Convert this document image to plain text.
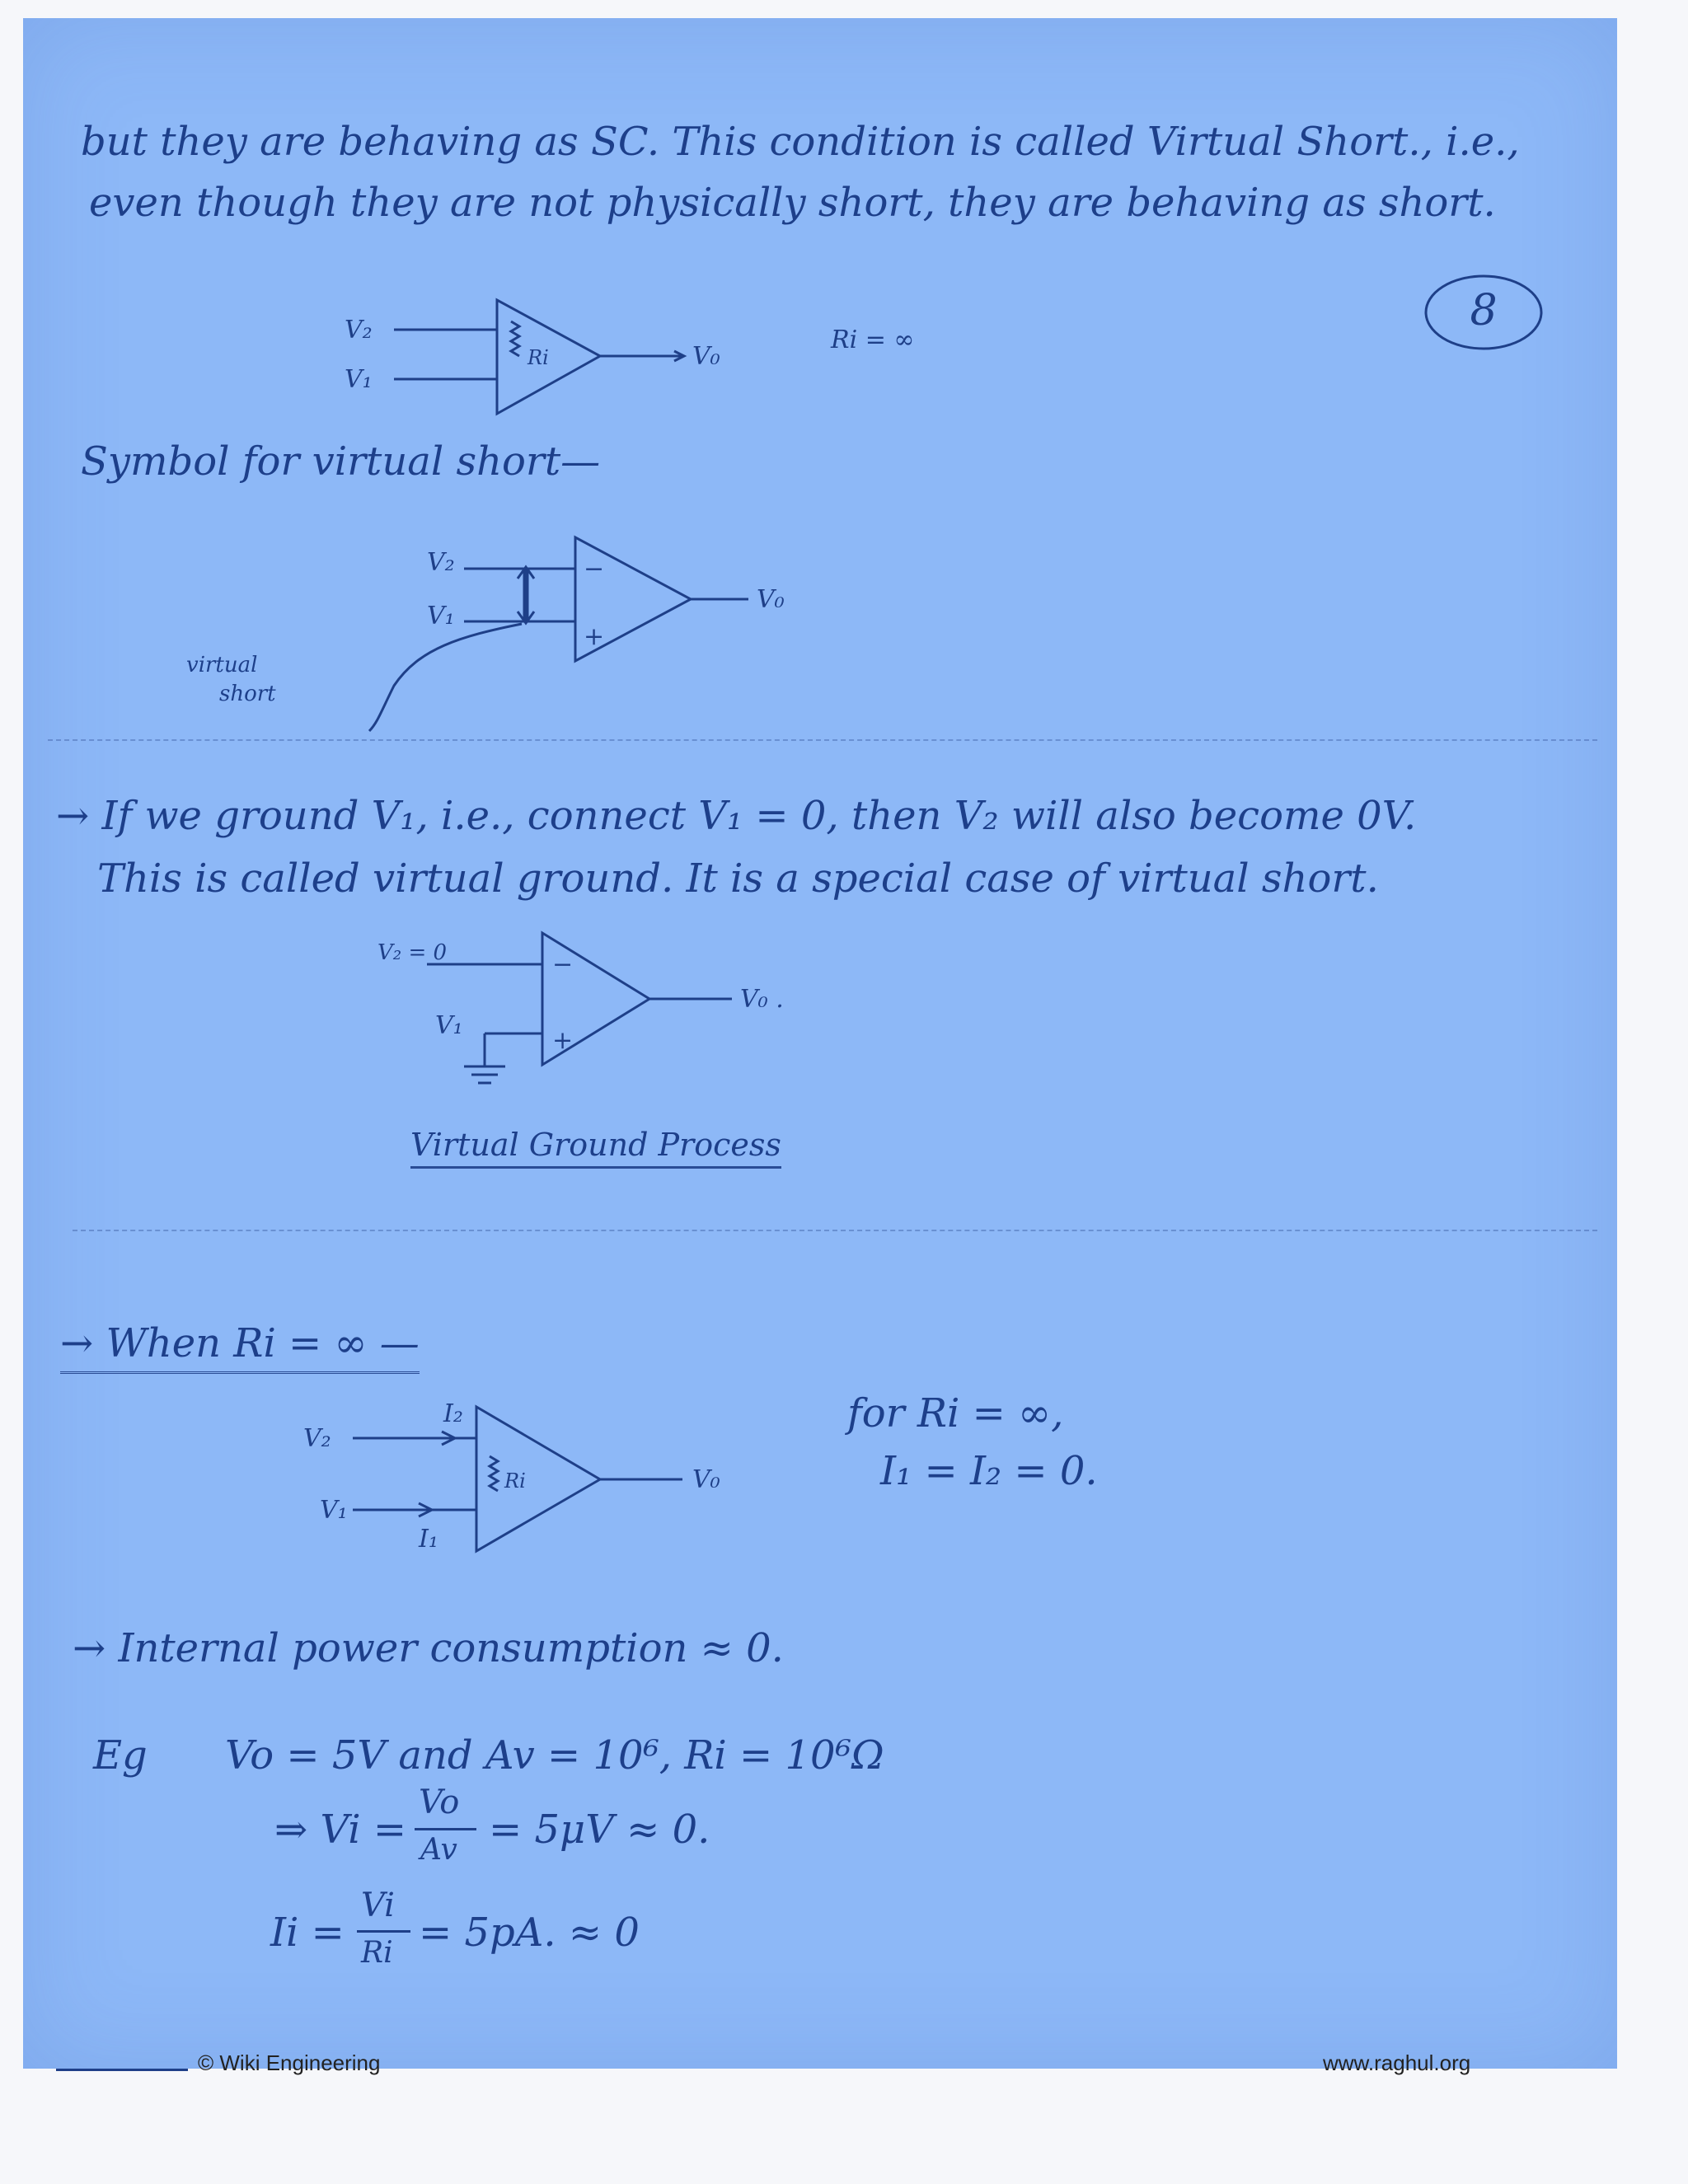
but they are behaving as SC. This condition is called Virtual Short., i.e.,
even though they are not physically short, they are behaving as short.
8
V₂
V₁
Ri	V₀
Ri = ∞
Symbol for virtual short—
V₂
V₁
−
+
V₀
virtual
short
→ If we ground V₁, i.e., connect V₁ = 0, then V₂ will also become 0V.
This is called virtual ground. It is a special case of virtual short.
V₂ = 0
V₁
−
+
V₀ .
Virtual Ground Process
→ When Ri = ∞ —
V₂
V₁
I₂
I₁
Ri	V₀
for Ri = ∞,
I₁ = I₂ = 0.
→ Internal power consumption ≈ 0.
Eg Vo = 5V and Av = 10⁶, Ri = 10⁶Ω
⇒ Vi =
Vo
Av = 5μV ≈ 0.
Ii =
Vi
Ri = 5pA. ≈ 0
© Wiki Engineering	www.raghul.org
